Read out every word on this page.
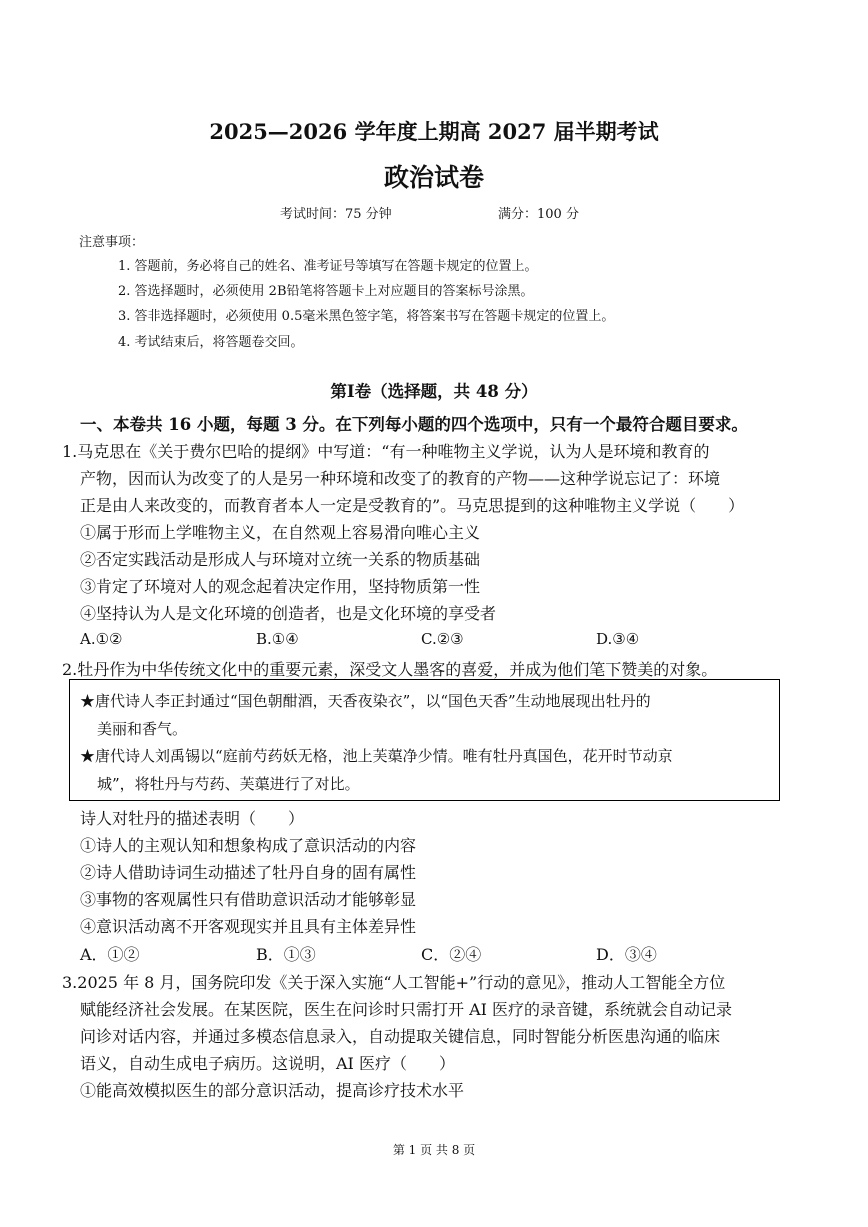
2025—2026 学年度上期高 2027 届半期考试
政治试卷
考试时间：75 分钟	满分：100 分
注意事项：
1. 答题前，务必将自己的姓名、准考证号等填写在答题卡规定的位置上。
2. 答选择题时，必须使用 2B铅笔将答题卡上对应题目的答案标号涂黑。
3. 答非选择题时，必须使用 0.5毫米黑色签字笔，将答案书写在答题卡规定的位置上。
4. 考试结束后，将答题卷交回。
第Ⅰ卷（选择题，共 48 分）
一、本卷共 16 小题，每题 3 分。在下列每小题的四个选项中，只有一个最符合题目要求。
1.马克思在《关于费尔巴哈的提纲》中写道：“有一种唯物主义学说，认为人是环境和教育的
产物，因而认为改变了的人是另一种环境和改变了的教育的产物——这种学说忘记了：环境
正是由人来改变的，而教育者本人一定是受教育的”。马克思提到的这种唯物主义学说（　　）
①属于形而上学唯物主义，在自然观上容易滑向唯心主义
②否定实践活动是形成人与环境对立统一关系的物质基础
③肯定了环境对人的观念起着决定作用，坚持物质第一性
④坚持认为人是文化环境的创造者，也是文化环境的享受者
A.①②	B.①④	C.②③	D.③④
2.牡丹作为中华传统文化中的重要元素，深受文人墨客的喜爱，并成为他们笔下赞美的对象。
★唐代诗人李正封通过“国色朝酣酒，天香夜染衣”，以“国色天香”生动地展现出牡丹的
美丽和香气。
★唐代诗人刘禹锡以“庭前芍药妖无格，池上芙蕖净少情。唯有牡丹真国色，花开时节动京
城”，将牡丹与芍药、芙蕖进行了对比。
诗人对牡丹的描述表明（　　）
①诗人的主观认知和想象构成了意识活动的内容
②诗人借助诗词生动描述了牡丹自身的固有属性
③事物的客观属性只有借助意识活动才能够彰显
④意识活动离不开客观现实并且具有主体差异性
A．①②	B．①③	C．②④	D．③④
3.2025 年 8 月，国务院印发《关于深入实施“人工智能+”行动的意见》，推动人工智能全方位
赋能经济社会发展。在某医院，医生在问诊时只需打开 AI 医疗的录音键，系统就会自动记录
问诊对话内容，并通过多模态信息录入，自动提取关键信息，同时智能分析医患沟通的临床
语义，自动生成电子病历。这说明，AI 医疗（　　）
①能高效模拟医生的部分意识活动，提高诊疗技术水平
第 1 页 共 8 页
